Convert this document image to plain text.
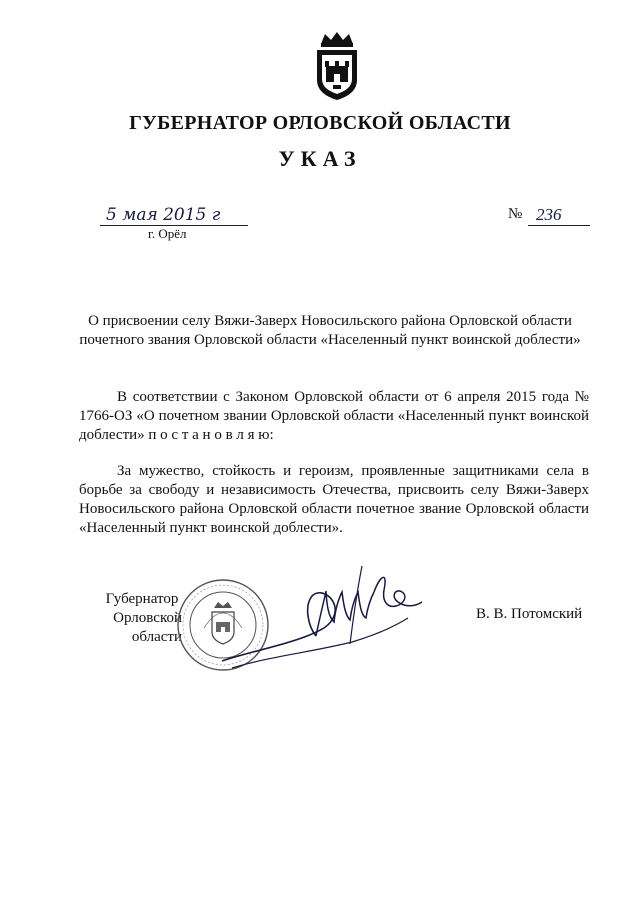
ГУБЕРНАТОР ОРЛОВСКОЙ ОБЛАСТИ
УКАЗ
5 мая 2015 г
г. Орёл
№ 236
О присвоении селу Вяжи-Заверх Новосильского района Орловской области
почетного звания Орловской области «Населенный пункт воинской доблести»
В соответствии с Законом Орловской области от 6 апреля 2015 года № 1766-ОЗ «О почетном звании Орловской области «Населенный пункт воинской доблести» п о с т а н о в л я ю:
За мужество, стойкость и героизм, проявленные защитниками села в борьбе за свободу и независимость Отечества, присвоить селу Вяжи-Заверх Новосильского района Орловской области почетное звание Орловской области «Населенный пункт воинской доблести».
Губернатор
Орловской области
В. В. Потомский
